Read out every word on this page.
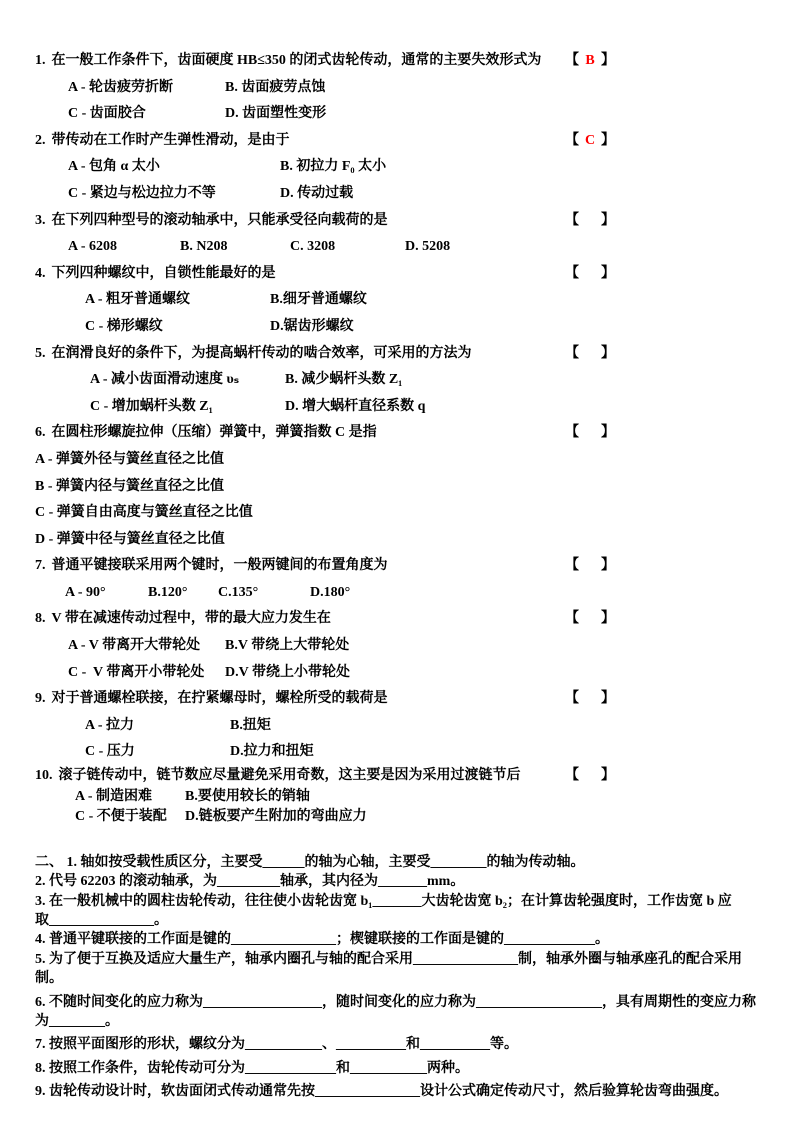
1. 在一般工作条件下，齿面硬度 HB≤350 的闭式齿轮传动，通常的主要失效形式为 【 B 】
A - 轮齿疲劳折断	B. 齿面疲劳点蚀
C - 齿面胶合	D. 齿面塑性变形
2. 带传动在工作时产生弹性滑动，是由于	【 C 】
A - 包角 α 太小	B. 初拉力 F₀ 太小
C - 紧边与松边拉力不等	D. 传动过载
3. 在下列四种型号的滚动轴承中，只能承受径向载荷的是	【 】
A - 6208	B. N208	C. 3208	D. 5208
4. 下列四种螺纹中，自锁性能最好的是	【 】
A - 粗牙普通螺纹	B.细牙普通螺纹
C - 梯形螺纹	D.锯齿形螺纹
5. 在润滑良好的条件下，为提高蜗杆传动的啮合效率，可采用的方法为	【 】
A - 减小齿面滑动速度 υₛ	B. 减少蜗杆头数 Z₁
C - 增加蜗杆头数 Z₁	D. 增大蜗杆直径系数 q
6. 在圆柱形螺旋拉伸（压缩）弹簧中，弹簧指数 C 是指	【 】
A - 弹簧外径与簧丝直径之比值
B - 弹簧内径与簧丝直径之比值
C - 弹簧自由高度与簧丝直径之比值
D - 弹簧中径与簧丝直径之比值
7. 普通平键接联采用两个键时，一般两键间的布置角度为	【 】
A - 90°	B.120° C.135°	D.180°
8. V 带在减速传动过程中，带的最大应力发生在	【 】
A - V 带离开大带轮处 B.V 带绕上大带轮处
C -  V 带离开小带轮处 D.V 带绕上小带轮处
9. 对于普通螺栓联接，在拧紧螺母时，螺栓所受的载荷是	【 】
A - 拉力	B.扭矩
C - 压力	D.拉力和扭矩
10. 滚子链传动中，链节数应尽量避免采用奇数，这主要是因为采用过渡链节后	【 】
A - 制造困难 B.要使用较长的销轴
C - 不便于装配 D.链板要产生附加的弯曲应力
二、 1. 轴如按受载性质区分，主要受______的轴为心轴，主要受________的轴为传动轴。
2. 代号 62203 的滚动轴承，为_________轴承，其内径为_______mm。
3. 在一般机械中的圆柱齿轮传动，往往使小齿轮齿宽 b₁_______大齿轮齿宽 b₂；在计算齿轮强度时，工作齿宽 b 应
取_______________。
4. 普通平键联接的工作面是键的_______________；楔键联接的工作面是键的_____________。
5. 为了便于互换及适应大量生产，轴承内圈孔与轴的配合采用_______________制，轴承外圈与轴承座孔的配合采用
制。
6. 不随时间变化的应力称为_________________，随时间变化的应力称为__________________，具有周期性的变应力称
为________。
7. 按照平面图形的形状，螺纹分为___________、__________和__________等。
8. 按照工作条件，齿轮传动可分为_____________和___________两种。
9. 齿轮传动设计时，软齿面闭式传动通常先按_______________设计公式确定传动尺寸，然后验算轮齿弯曲强度。
